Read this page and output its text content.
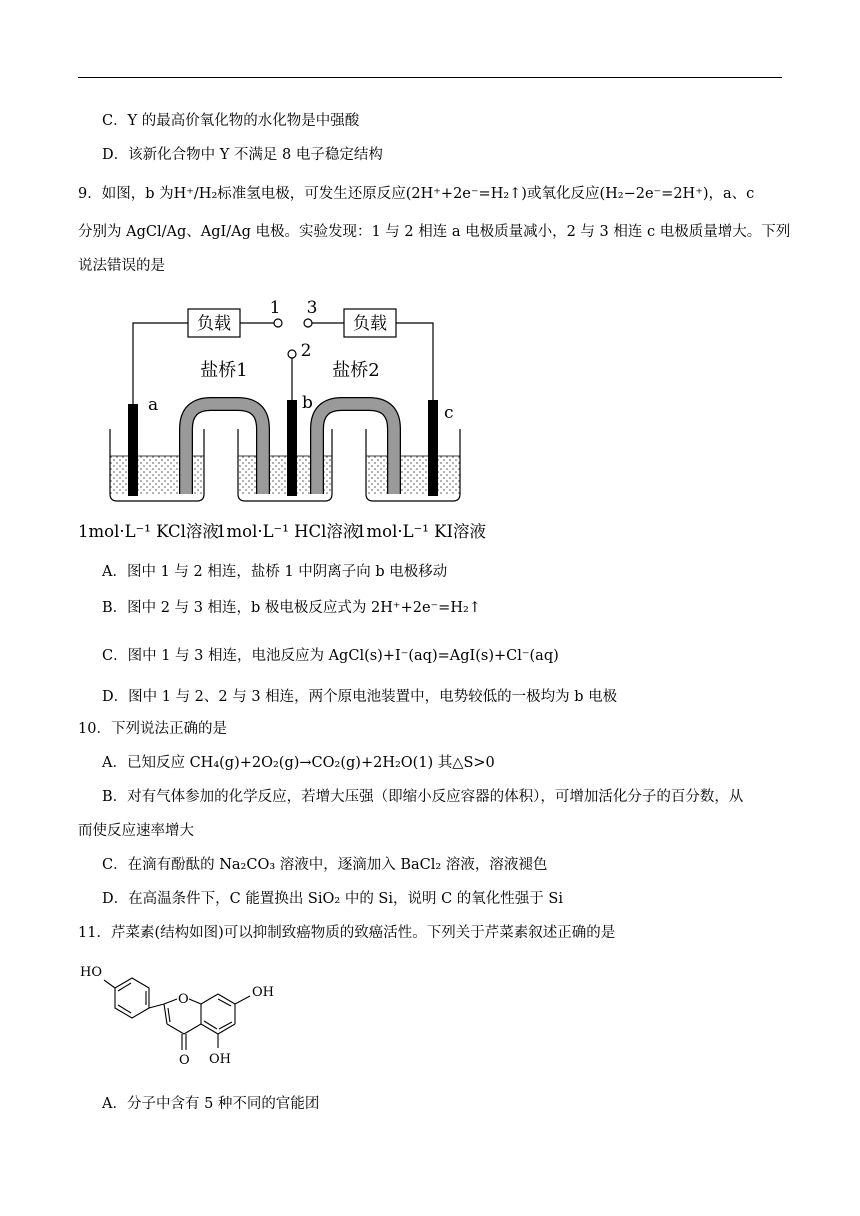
C．Y 的最高价氧化物的水化物是中强酸
D．该新化合物中 Y 不满足 8 电子稳定结构
9．如图，b 为H⁺/H₂标准氢电极，可发生还原反应(2H⁺+2e⁻=H₂↑)或氧化反应(H₂−2e⁻=2H⁺)，a、c
分别为 AgCl/Ag、AgI/Ag 电极。实验发现：1 与 2 相连 a 电极质量减小，2 与 3 相连 c 电极质量增大。下列
说法错误的是
负载	负载
1 3
2
a	b	c
盐桥1	盐桥2
1mol·L⁻¹ KCl溶液
1mol·L⁻¹ HCl溶液
1mol·L⁻¹ KI溶液
A．图中 1 与 2 相连，盐桥 1 中阴离子向 b 电极移动
B．图中 2 与 3 相连，b 极电极反应式为 2H⁺+2e⁻=H₂↑
C．图中 1 与 3 相连，电池反应为 AgCl(s)+I⁻(aq)=AgI(s)+Cl⁻(aq)
D．图中 1 与 2、2 与 3 相连，两个原电池装置中，电势较低的一极均为 b 电极
10．下列说法正确的是
A．已知反应 CH₄(g)+2O₂(g)→CO₂(g)+2H₂O(1) 其△S>0
B．对有气体参加的化学反应，若增大压强（即缩小反应容器的体积），可增加活化分子的百分数，从
而使反应速率增大
C．在滴有酚酞的 Na₂CO₃ 溶液中，逐滴加入 BaCl₂ 溶液，溶液褪色
D．在高温条件下，C 能置换出 SiO₂ 中的 Si，说明 C 的氧化性强于 Si
11．芹菜素(结构如图)可以抑制致癌物质的致癌活性。下列关于芹菜素叙述正确的是
HO
OH
OH
O
O
A．分子中含有 5 种不同的官能团
